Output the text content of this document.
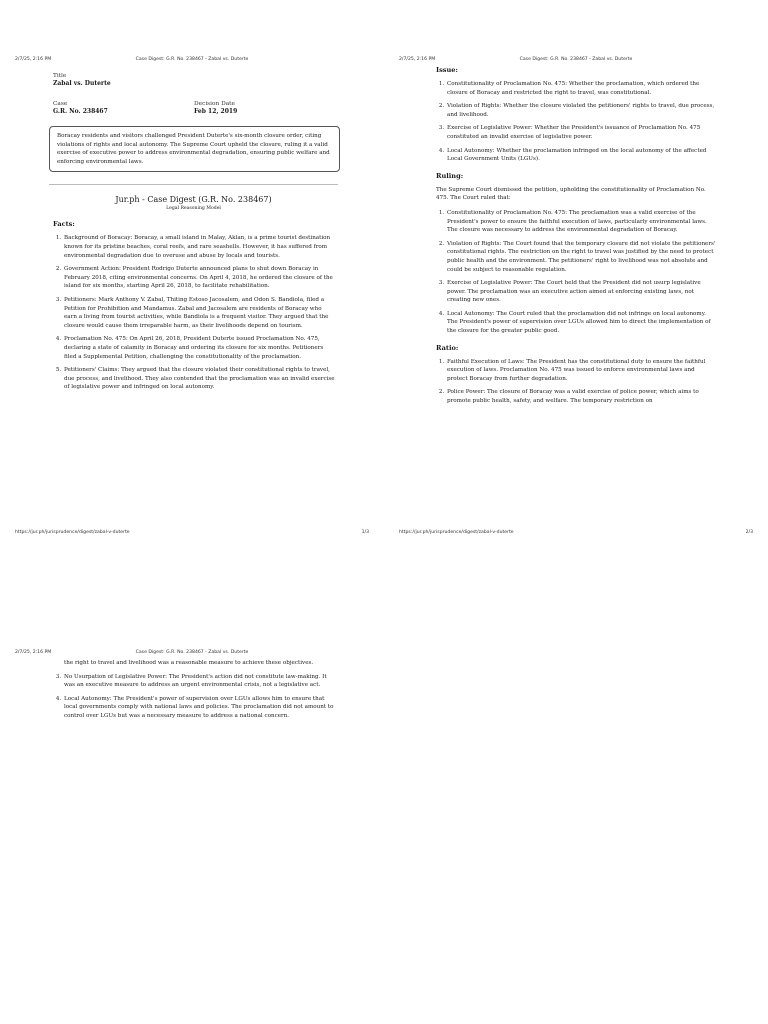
2/7/25, 2:16 PM	Case Digest: G.R. No. 238467 - Zabal vs. Duterte
Title
Zabal vs. Duterte
Case
G.R. No. 238467
Decision Date
Feb 12, 2019
Boracay residents and visitors challenged President Duterte's six-month closure order, citing violations of rights and local autonomy. The Supreme Court upheld the closure, ruling it a valid exercise of executive power to address environmental degradation, ensuring public welfare and enforcing environmental laws.
Jur.ph - Case Digest (G.R. No. 238467)
Legal Reasoning Model
Facts:
1. Background of Boracay: Boracay, a small island in Malay, Aklan, is a prime tourist destination known for its pristine beaches, coral reefs, and rare seashells. However, it has suffered from environmental degradation due to overuse and abuse by locals and tourists.
2. Government Action: President Rodrigo Duterte announced plans to shut down Boracay in February 2018, citing environmental concerns. On April 4, 2018, he ordered the closure of the island for six months, starting April 26, 2018, to facilitate rehabilitation.
3. Petitioners: Mark Anthony V. Zabal, Thiting Estoso Jacosalem, and Odon S. Bandiola, filed a Petition for Prohibition and Mandamus. Zabal and Jacosalem are residents of Boracay who earn a living from tourist activities, while Bandiola is a frequent visitor. They argued that the closure would cause them irreparable harm, as their livelihoods depend on tourism.
4. Proclamation No. 475: On April 26, 2018, President Duterte issued Proclamation No. 475, declaring a state of calamity in Boracay and ordering its closure for six months. Petitioners filed a Supplemental Petition, challenging the constitutionality of the proclamation.
5. Petitioners' Claims: They argued that the closure violated their constitutional rights to travel, due process, and livelihood. They also contended that the proclamation was an invalid exercise of legislative power and infringed on local autonomy.
https://jur.ph/jurisprudence/digest/zabal-v-duterte	1/3
2/7/25, 2:16 PM	Case Digest: G.R. No. 238467 - Zabal vs. Duterte
Issue:
1. Constitutionality of Proclamation No. 475: Whether the proclamation, which ordered the closure of Boracay and restricted the right to travel, was constitutional.
2. Violation of Rights: Whether the closure violated the petitioners' rights to travel, due process, and livelihood.
3. Exercise of Legislative Power: Whether the President's issuance of Proclamation No. 475 constituted an invalid exercise of legislative power.
4. Local Autonomy: Whether the proclamation infringed on the local autonomy of the affected Local Government Units (LGUs).
Ruling:

The Supreme Court dismissed the petition, upholding the constitutionality of Proclamation No. 475. The Court ruled that:

1. Constitutionality of Proclamation No. 475: The proclamation was a valid exercise of the President's power to ensure the faithful execution of laws, particularly environmental laws. The closure was necessary to address the environmental degradation of Boracay.
2. Violation of Rights: The Court found that the temporary closure did not violate the petitioners' constitutional rights. The restriction on the right to travel was justified by the need to protect public health and the environment. The petitioners' right to livelihood was not absolute and could be subject to reasonable regulation.
3. Exercise of Legislative Power: The Court held that the President did not usurp legislative power. The proclamation was an executive action aimed at enforcing existing laws, not creating new ones.
4. Local Autonomy: The Court ruled that the proclamation did not infringe on local autonomy. The President's power of supervision over LGUs allowed him to direct the implementation of the closure for the greater public good.
Ratio:
1. Faithful Execution of Laws: The President has the constitutional duty to ensure the faithful execution of laws. Proclamation No. 475 was issued to enforce environmental laws and protect Boracay from further degradation.
2. Police Power: The closure of Boracay was a valid exercise of police power, which aims to promote public health, safety, and welfare. The temporary restriction on
https://jur.ph/jurisprudence/digest/zabal-v-duterte	2/3
2/7/25, 2:16 PM	Case Digest: G.R. No. 238467 - Zabal vs. Duterte

the right to travel and livelihood was a reasonable measure to achieve these objectives.

3. No Usurpation of Legislative Power: The President's action did not constitute law-making. It was an executive measure to address an urgent environmental crisis, not a legislative act.
4. Local Autonomy: The President's power of supervision over LGUs allows him to ensure that local governments comply with national laws and policies. The proclamation did not amount to control over LGUs but was a necessary measure to address a national concern.
